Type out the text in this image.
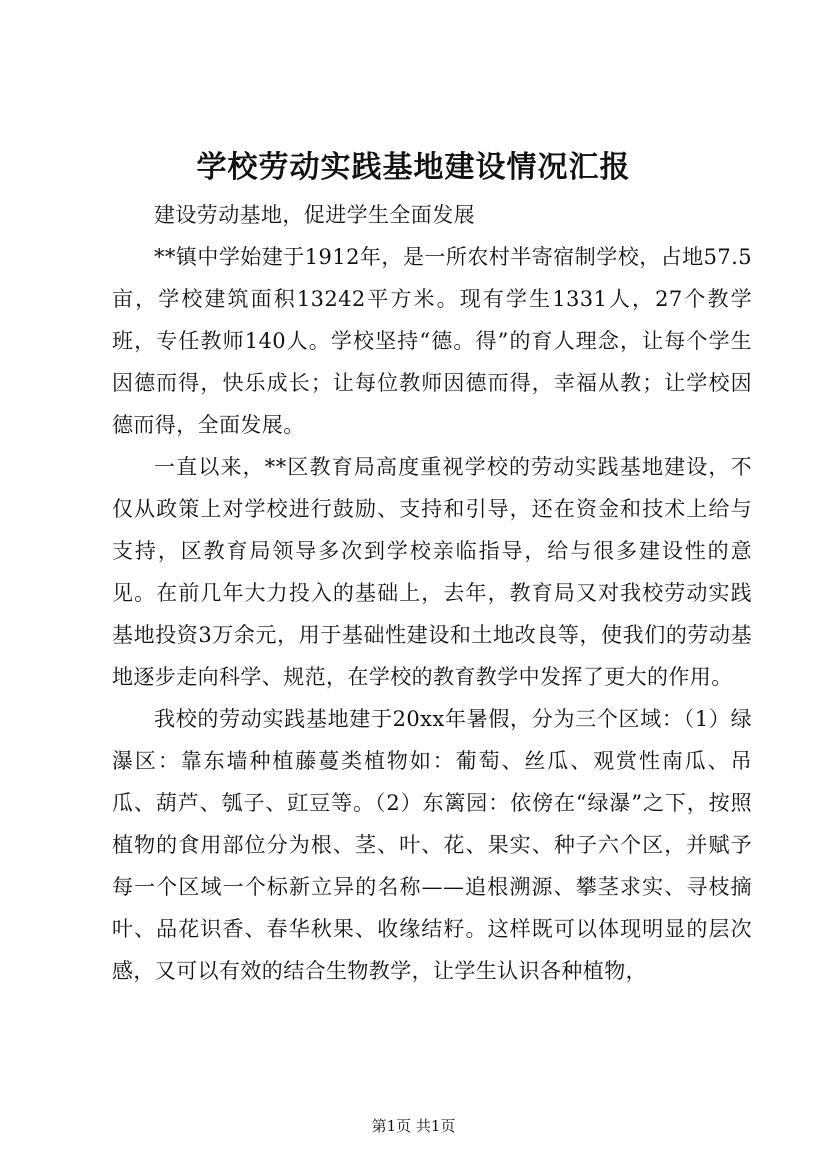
学校劳动实践基地建设情况汇报

建设劳动基地，促进学生全面发展

**镇中学始建于1912年，是一所农村半寄宿制学校，占地57.5亩，学校建筑面积13242平方米。现有学生1331人，27个教学班，专任教师140人。学校坚持“德。得”的育人理念，让每个学生因德而得，快乐成长；让每位教师因德而得，幸福从教；让学校因德而得，全面发展。

一直以来，**区教育局高度重视学校的劳动实践基地建设，不仅从政策上对学校进行鼓励、支持和引导，还在资金和技术上给与支持，区教育局领导多次到学校亲临指导，给与很多建设性的意见。在前几年大力投入的基础上，去年，教育局又对我校劳动实践基地投资3万余元，用于基础性建设和土地改良等，使我们的劳动基地逐步走向科学、规范，在学校的教育教学中发挥了更大的作用。

我校的劳动实践基地建于20xx年暑假，分为三个区域：（1）绿瀑区：靠东墙种植藤蔓类植物如：葡萄、丝瓜、观赏性南瓜、吊瓜、葫芦、瓠子、豇豆等。（2）东篱园：依傍在“绿瀑”之下，按照植物的食用部位分为根、茎、叶、花、果实、种子六个区，并赋予每一个区域一个标新立异的名称——追根溯源、攀茎求实、寻枝摘叶、品花识香、春华秋果、收缘结籽。这样既可以体现明显的层次感，又可以有效的结合生物教学，让学生认识各种植物，

第1页 共1页
